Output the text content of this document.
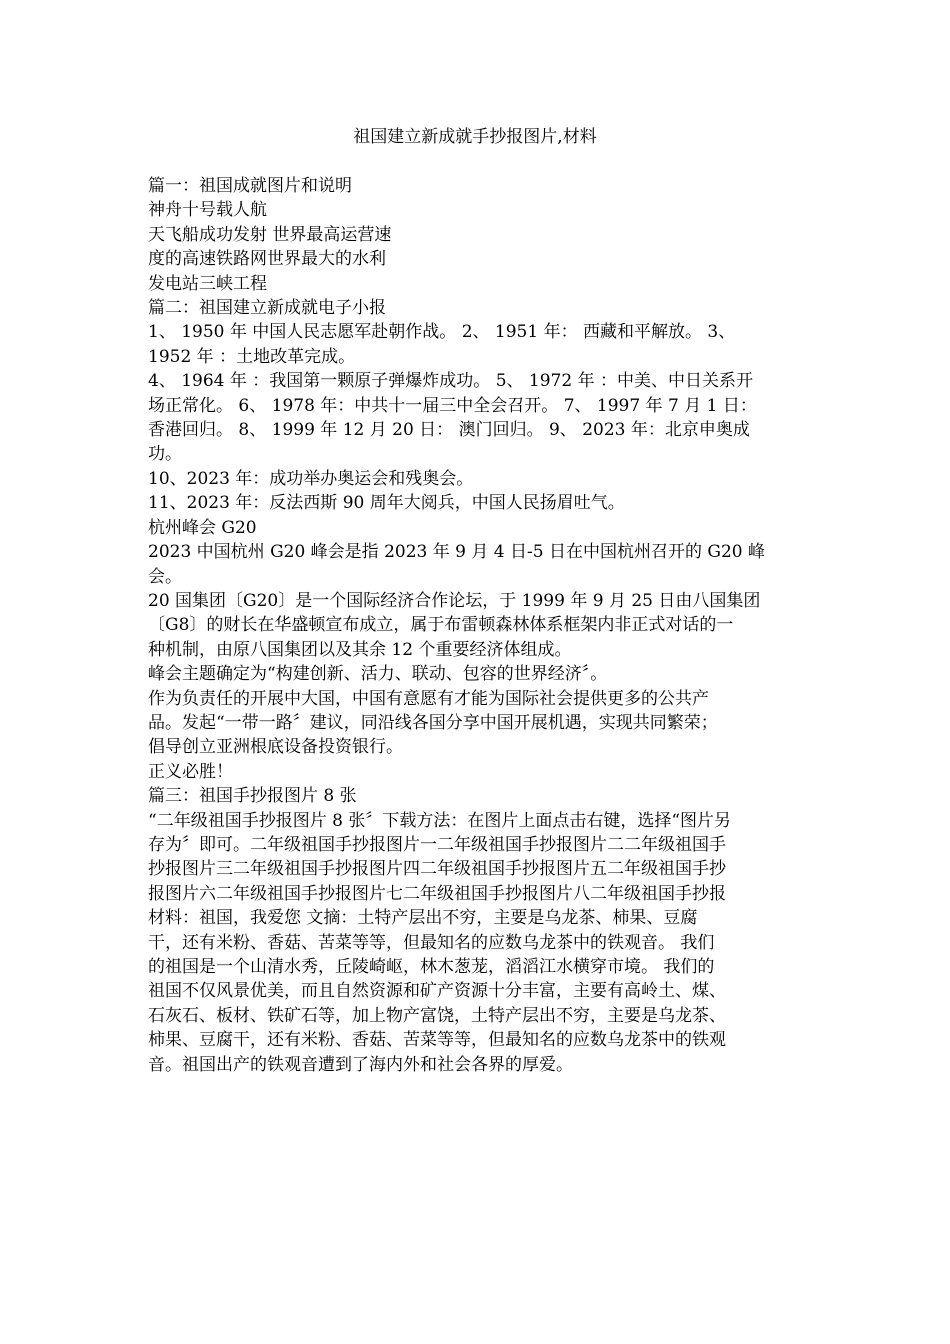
祖国建立新成就手抄报图片,材料

篇一：祖国成就图片和说明

神舟十号载人航

天飞船成功发射 世界最高运营速

度的高速铁路网世界最大的水利

发电站三峡工程

篇二：祖国建立新成就电子小报

1、 1950 年 中国人民志愿军赴朝作战。 2、 1951 年： 西藏和平解放。 3、

1952 年 ：土地改革完成。

4、 1964 年 ：我国第一颗原子弹爆炸成功。 5、 1972 年 ：中美、中日关系开

场正常化。 6、 1978 年：中共十一届三中全会召开。 7、 1997 年 7 月 1 日：

香港回归。 8、 1999 年 12 月 20 日： 澳门回归。 9、 2023 年：北京申奥成

功。

10、2023 年：成功举办奥运会和残奥会。

11、2023 年：反法西斯 90 周年大阅兵，中国人民扬眉吐气。

杭州峰会 G20

2023 中国杭州 G20 峰会是指 2023 年 9 月 4 日-5 日在中国杭州召开的 G20 峰

会。

20 国集团〔G20〕是一个国际经济合作论坛，于 1999 年 9 月 25 日由八国集团

〔G8〕的财长在华盛顿宣布成立，属于布雷顿森林体系框架内非正式对话的一

种机制，由原八国集团以及其余 12 个重要经济体组成。

峰会主题确定为“构建创新、活力、联动、包容的世界经济〞。

作为负责任的开展中大国，中国有意愿有才能为国际社会提供更多的公共产

品。发起“一带一路〞建议，同沿线各国分享中国开展机遇，实现共同繁荣；

倡导创立亚洲根底设备投资银行。

正义必胜！

篇三：祖国手抄报图片 8 张

“二年级祖国手抄报图片 8 张〞下载方法：在图片上面点击右键，选择“图片另

存为〞即可。二年级祖国手抄报图片一二年级祖国手抄报图片二二年级祖国手

抄报图片三二年级祖国手抄报图片四二年级祖国手抄报图片五二年级祖国手抄

报图片六二年级祖国手抄报图片七二年级祖国手抄报图片八二年级祖国手抄报

材料：祖国，我爱您 文摘：土特产层出不穷，主要是乌龙茶、柿果、豆腐

干，还有米粉、香菇、苦菜等等，但最知名的应数乌龙茶中的铁观音。 我们

的祖国是一个山清水秀，丘陵崎岖，林木葱茏，滔滔江水横穿市境。 我们的

祖国不仅风景优美，而且自然资源和矿产资源十分丰富，主要有高岭土、煤、

石灰石、板材、铁矿石等，加上物产富饶，土特产层出不穷，主要是乌龙茶、

柿果、豆腐干，还有米粉、香菇、苦菜等等，但最知名的应数乌龙茶中的铁观

音。祖国出产的铁观音遭到了海内外和社会各界的厚爱。
